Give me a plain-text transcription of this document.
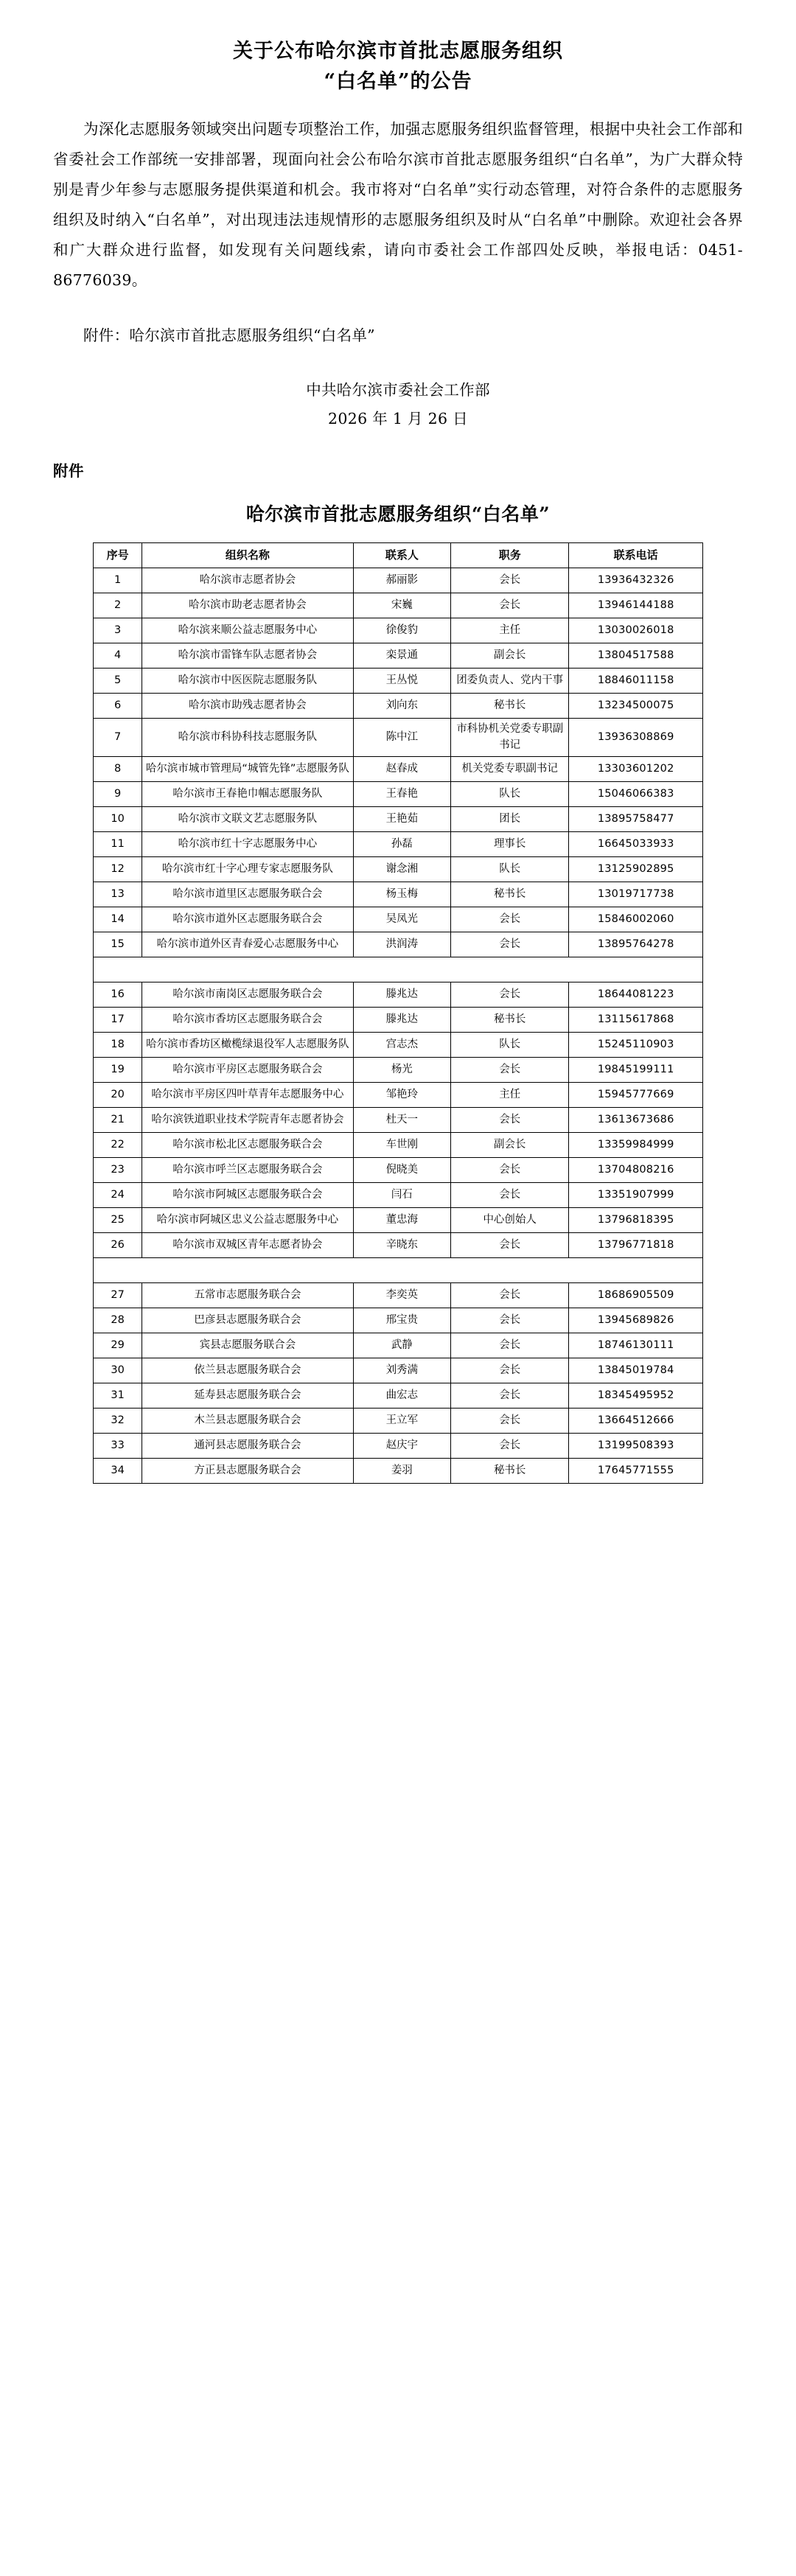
关于公布哈尔滨市首批志愿服务组织
“白名单”的公告

为深化志愿服务领域突出问题专项整治工作，加强志愿服务组织监督管理，根据中央社会工作部和省委社会工作部统一安排部署，现面向社会公布哈尔滨市首批志愿服务组织“白名单”，为广大群众特别是青少年参与志愿服务提供渠道和机会。我市将对“白名单”实行动态管理，对符合条件的志愿服务组织及时纳入“白名单”，对出现违法违规情形的志愿服务组织及时从“白名单”中删除。欢迎社会各界和广大群众进行监督，如发现有关问题线索，请向市委社会工作部四处反映，举报电话：0451-86776039。

附件：哈尔滨市首批志愿服务组织“白名单”
中共哈尔滨市委社会工作部
2026 年 1 月 26 日
附件
哈尔滨市首批志愿服务组织“白名单”
序号	组织名称	联系人	职务	联系电话
1	哈尔滨市志愿者协会	郝丽影	会长	13936432326
2	哈尔滨市助老志愿者协会	宋巍	会长	13946144188
3	哈尔滨来顺公益志愿服务中心	徐俊豹	主任	13030026018
4	哈尔滨市雷锋车队志愿者协会	栾景通	副会长	13804517588
5	哈尔滨市中医医院志愿服务队	王丛悦	团委负责人、党内干事	18846011158
6	哈尔滨市助残志愿者协会	刘向东	秘书长	13234500075
7	哈尔滨市科协科技志愿服务队	陈中江	市科协机关党委专职副书记	13936308869
8	哈尔滨市城市管理局“城管先锋”志愿服务队	赵春成	机关党委专职副书记	13303601202
9	哈尔滨市王春艳巾帼志愿服务队	王春艳	队长	15046066383
10	哈尔滨市文联文艺志愿服务队	王艳茹	团长	13895758477
11	哈尔滨市红十字志愿服务中心	孙磊	理事长	16645033933
12	哈尔滨市红十字心理专家志愿服务队	谢念湘	队长	13125902895
13	哈尔滨市道里区志愿服务联合会	杨玉梅	秘书长	13019717738
14	哈尔滨市道外区志愿服务联合会	吴凤光	会长	15846002060
15	哈尔滨市道外区青春爱心志愿服务中心	洪润涛	会长	13895764278

16	哈尔滨市南岗区志愿服务联合会	滕兆达	会长	18644081223
17	哈尔滨市香坊区志愿服务联合会	滕兆达	秘书长	13115617868
18	哈尔滨市香坊区橄榄绿退役军人志愿服务队	宫志杰	队长	15245110903
19	哈尔滨市平房区志愿服务联合会	杨光	会长	19845199111
20	哈尔滨市平房区四叶草青年志愿服务中心	邹艳玲	主任	15945777669
21	哈尔滨铁道职业技术学院青年志愿者协会	杜天一	会长	13613673686
22	哈尔滨市松北区志愿服务联合会	车世刚	副会长	13359984999
23	哈尔滨市呼兰区志愿服务联合会	倪晓美	会长	13704808216
24	哈尔滨市阿城区志愿服务联合会	闫石	会长	13351907999
25	哈尔滨市阿城区忠义公益志愿服务中心	董忠海	中心创始人	13796818395
26	哈尔滨市双城区青年志愿者协会	辛晓东	会长	13796771818

27	五常市志愿服务联合会	李奕英	会长	18686905509
28	巴彦县志愿服务联合会	邢宝贵	会长	13945689826
29	宾县志愿服务联合会	武静	会长	18746130111
30	依兰县志愿服务联合会	刘秀满	会长	13845019784
31	延寿县志愿服务联合会	曲宏志	会长	18345495952
32	木兰县志愿服务联合会	王立军	会长	13664512666
33	通河县志愿服务联合会	赵庆宇	会长	13199508393
34	方正县志愿服务联合会	姜羽	秘书长	17645771555
